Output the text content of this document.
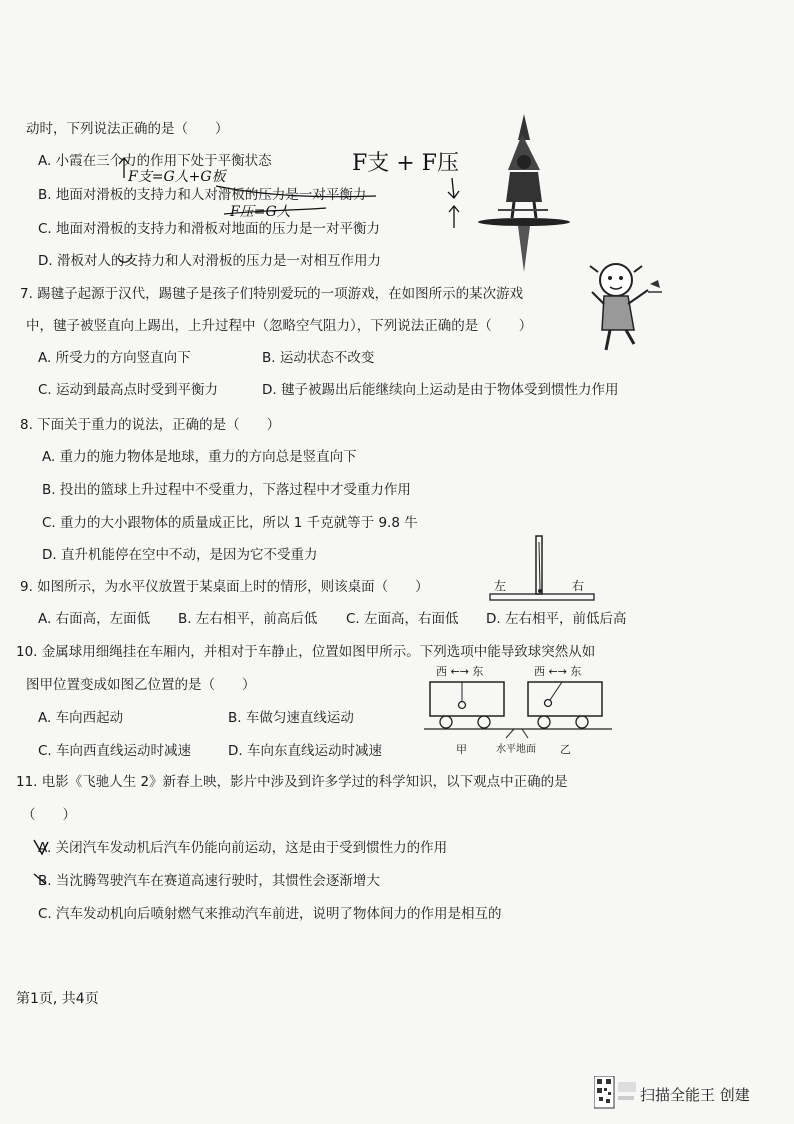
动时，下列说法正确的是（　　）
A. 小霞在三个力的作用下处于平衡状态
B. 地面对滑板的支持力和人对滑板的压力是一对平衡力
C. 地面对滑板的支持力和滑板对地面的压力是一对平衡力
D. 滑板对人的支持力和人对滑板的压力是一对相互作用力
F支 + F压
F支=G人+G板
F压=G人
7. 踢毽子起源于汉代，踢毽子是孩子们特别爱玩的一项游戏，在如图所示的某次游戏
中，毽子被竖直向上踢出，上升过程中（忽略空气阻力），下列说法正确的是（　　）
A. 所受力的方向竖直向下	B. 运动状态不改变
C. 运动到最高点时受到平衡力	D. 毽子被踢出后能继续向上运动是由于物体受到惯性力作用
8. 下面关于重力的说法，正确的是（　　）
A. 重力的施力物体是地球，重力的方向总是竖直向下
B. 投出的篮球上升过程中不受重力，下落过程中才受重力作用
C. 重力的大小跟物体的质量成正比，所以 1 千克就等于 9.8 牛
D. 直升机能停在空中不动，是因为它不受重力
9. 如图所示，为水平仪放置于某桌面上时的情形，则该桌面（　　）
A. 右面高，左面低 B. 左右相平，前高后低 C. 左面高，右面低 D. 左右相平，前低后高
左	右
10. 金属球用细绳挂在车厢内，并相对于车静止，位置如图甲所示。下列选项中能导致球突然从如
图甲位置变成如图乙位置的是（　　）
A. 车向西起动	B. 车做匀速直线运动
C. 车向西直线运动时减速	D. 车向东直线运动时减速
西 ←→ 东	西 ←→ 东
甲	水平地面 乙
11. 电影《飞驰人生 2》新春上映，影片中涉及到许多学过的科学知识，以下观点中正确的是
（　　）
A. 关闭汽车发动机后汽车仍能向前运动，这是由于受到惯性力的作用
B. 当沈腾驾驶汽车在赛道高速行驶时，其惯性会逐渐增大
C. 汽车发动机向后喷射燃气来推动汽车前进，说明了物体间力的作用是相互的
第1页, 共4页
扫描全能王 创建
